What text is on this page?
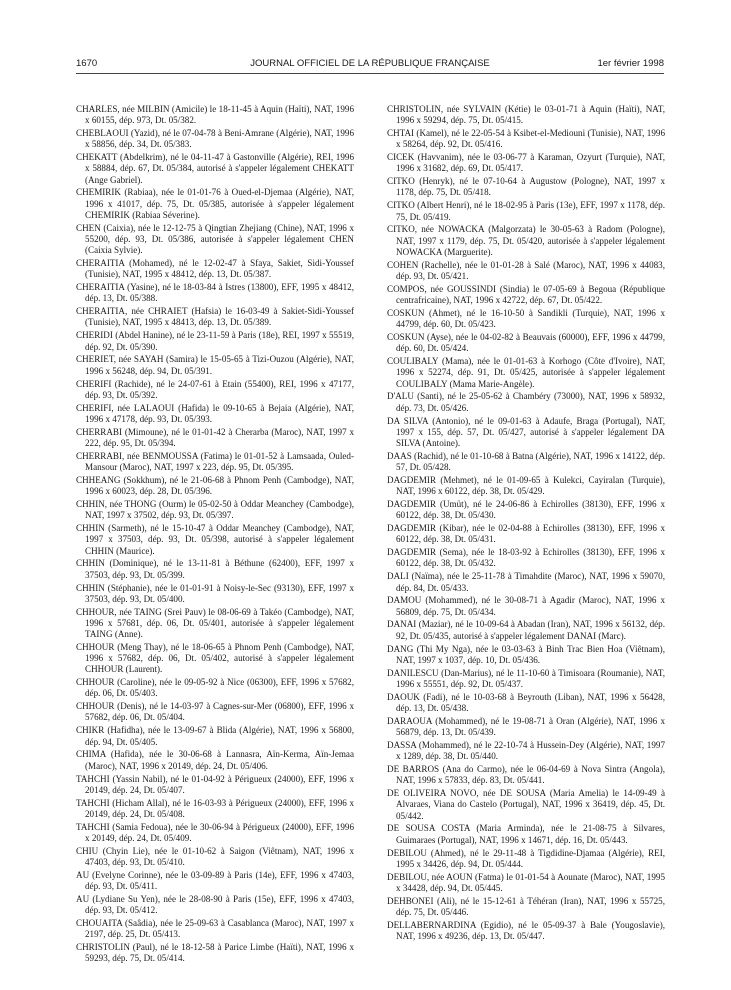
1670	JOURNAL OFFICIEL DE LA RÉPUBLIQUE FRANÇAISE	1er février 1998

CHARLES, née MILBIN (Amicile) le 18-11-45 à Aquin (Haïti), NAT, 1996 x 60155, dép. 973, Dt. 05/382.

CHEBLAOUI (Yazid), né le 07-04-78 à Beni-Amrane (Algérie), NAT, 1996 x 58856, dép. 34, Dt. 05/383.

CHEKATT (Abdelkrim), né le 04-11-47 à Gastonville (Algérie), REI, 1996 x 58884, dép. 67, Dt. 05/384, autorisé à s'appeler légalement CHEKATT (Ange Gabriel).

CHEMIRIK (Rabiaa), née le 01-01-76 à Oued-el-Djemaa (Algérie), NAT, 1996 x 41017, dép. 75, Dt. 05/385, autorisée à s'appeler légalement CHEMIRIK (Rabiaa Séverine).

CHEN (Caixia), née le 12-12-75 à Qingtian Zhejiang (Chine), NAT, 1996 x 55200, dép. 93, Dt. 05/386, autorisée à s'appeler légalement CHEN (Caixia Sylvie).

CHERAITIA (Mohamed), né le 12-02-47 à Sfaya, Sakiet, Sidi-Youssef (Tunisie), NAT, 1995 x 48412, dép. 13, Dt. 05/387.

CHERAITIA (Yasine), né le 18-03-84 à Istres (13800), EFF, 1995 x 48412, dép. 13, Dt. 05/388.

CHERAITIA, née CHRAIET (Hafsia) le 16-03-49 à Sakiet-Sidi-Youssef (Tunisie), NAT, 1995 x 48413, dép. 13, Dt. 05/389.

CHERIDI (Abdel Hanine), né le 23-11-59 à Paris (18e), REI, 1997 x 55519, dép. 92, Dt. 05/390.

CHERIET, née SAYAH (Samira) le 15-05-65 à Tizi-Ouzou (Algérie), NAT, 1996 x 56248, dép. 94, Dt. 05/391.

CHERIFI (Rachide), né le 24-07-61 à Etain (55400), REI, 1996 x 47177, dép. 93, Dt. 05/392.

CHERIFI, née LALAOUI (Hafida) le 09-10-65 à Bejaia (Algérie), NAT, 1996 x 47178, dép. 93, Dt. 05/393.

CHERRABI (Mimoune), né le 01-01-42 à Cherarba (Maroc), NAT, 1997 x 222, dép. 95, Dt. 05/394.

CHERRABI, née BENMOUSSA (Fatima) le 01-01-52 à Lamsaada, Ouled-Mansour (Maroc), NAT, 1997 x 223, dép. 95, Dt. 05/395.

CHHEANG (Sokkhum), né le 21-06-68 à Phnom Penh (Cambodge), NAT, 1996 x 60023, dép. 28, Dt. 05/396.

CHHIN, née THONG (Ourm) le 05-02-50 à Oddar Meanchey (Cambodge), NAT, 1997 x 37502, dép. 93, Dt. 05/397.

CHHIN (Sarmeth), né le 15-10-47 à Oddar Meanchey (Cambodge), NAT, 1997 x 37503, dép. 93, Dt. 05/398, autorisé à s'appeler légalement CHHIN (Maurice).

CHHIN (Dominique), né le 13-11-81 à Béthune (62400), EFF, 1997 x 37503, dép. 93, Dt. 05/399.

CHHIN (Stéphanie), née le 01-01-91 à Noisy-le-Sec (93130), EFF, 1997 x 37503, dép. 93, Dt. 05/400.

CHHOUR, née TAING (Srei Pauv) le 08-06-69 à Takéo (Cambodge), NAT, 1996 x 57681, dép. 06, Dt. 05/401, autorisée à s'appeler légalement TAING (Anne).

CHHOUR (Meng Thay), né le 18-06-65 à Phnom Penh (Cambodge), NAT, 1996 x 57682, dép. 06, Dt. 05/402, autorisé à s'appeler légalement CHHOUR (Laurent).

CHHOUR (Caroline), née le 09-05-92 à Nice (06300), EFF, 1996 x 57682, dép. 06, Dt. 05/403.

CHHOUR (Denis), né le 14-03-97 à Cagnes-sur-Mer (06800), EFF, 1996 x 57682, dép. 06, Dt. 05/404.

CHIKR (Hafidha), née le 13-09-67 à Blida (Algérie), NAT, 1996 x 56800, dép. 94, Dt. 05/405.

CHIMA (Hafida), née le 30-06-68 à Lannasra, Aïn-Kerma, Aïn-Jemaa (Maroc), NAT, 1996 x 20149, dép. 24, Dt. 05/406.

TAHCHI (Yassin Nabil), né le 01-04-92 à Périgueux (24000), EFF, 1996 x 20149, dép. 24, Dt. 05/407.

TAHCHI (Hicham Allal), né le 16-03-93 à Périgueux (24000), EFF, 1996 x 20149, dép. 24, Dt. 05/408.

TAHCHI (Samia Fedoua), née le 30-06-94 à Périgueux (24000), EFF, 1996 x 20149, dép. 24, Dt. 05/409.

CHIU (Chyin Lie), née le 01-10-62 à Saigon (Viêtnam), NAT, 1996 x 47403, dép. 93, Dt. 05/410.

AU (Evelyne Corinne), née le 03-09-89 à Paris (14e), EFF, 1996 x 47403, dép. 93, Dt. 05/411.

AU (Lydiane Su Yen), née le 28-08-90 à Paris (15e), EFF, 1996 x 47403, dép. 93, Dt. 05/412.

CHOUAITA (Saâdia), née le 25-09-63 à Casablanca (Maroc), NAT, 1997 x 2197, dép. 25, Dt. 05/413.

CHRISTOLIN (Paul), né le 18-12-58 à Parice Limbe (Haïti), NAT, 1996 x 59293, dép. 75, Dt. 05/414.

CHRISTOLIN, née SYLVAIN (Kétie) le 03-01-71 à Aquin (Haïti), NAT, 1996 x 59294, dép. 75, Dt. 05/415.

CHTAI (Kamel), né le 22-05-54 à Ksibet-el-Mediouni (Tunisie), NAT, 1996 x 58264, dép. 92, Dt. 05/416.

CICEK (Havvanim), née le 03-06-77 à Karaman, Ozyurt (Turquie), NAT, 1996 x 31682, dép. 69, Dt. 05/417.

CITKO (Henryk), né le 07-10-64 à Augustow (Pologne), NAT, 1997 x 1178, dép. 75, Dt. 05/418.

CITKO (Albert Henri), né le 18-02-95 à Paris (13e), EFF, 1997 x 1178, dép. 75, Dt. 05/419.

CITKO, née NOWACKA (Malgorzata) le 30-05-63 à Radom (Pologne), NAT, 1997 x 1179, dép. 75, Dt. 05/420, autorisée à s'appeler légalement NOWACKA (Marguerite).

COHEN (Rachelle), née le 01-01-28 à Salé (Maroc), NAT, 1996 x 44083, dép. 93, Dt. 05/421.

COMPOS, née GOUSSINDI (Sindia) le 07-05-69 à Begoua (République centrafricaine), NAT, 1996 x 42722, dép. 67, Dt. 05/422.

COSKUN (Ahmet), né le 16-10-50 à Sandikli (Turquie), NAT, 1996 x 44799, dép. 60, Dt. 05/423.

COSKUN (Ayse), née le 04-02-82 à Beauvais (60000), EFF, 1996 x 44799, dép. 60, Dt. 05/424.

COULIBALY (Mama), née le 01-01-63 à Korhogo (Côte d'Ivoire), NAT, 1996 x 52274, dép. 91, Dt. 05/425, autorisée à s'appeler légalement COULIBALY (Mama Marie-Angèle).

D'ALU (Santi), né le 25-05-62 à Chambéry (73000), NAT, 1996 x 58932, dép. 73, Dt. 05/426.

DA SILVA (Antonio), né le 09-01-63 à Adaufe, Braga (Portugal), NAT, 1997 x 155, dép. 57, Dt. 05/427, autorisé à s'appeler légalement DA SILVA (Antoine).

DAAS (Rachid), né le 01-10-68 à Batna (Algérie), NAT, 1996 x 14122, dép. 57, Dt. 05/428.

DAGDEMIR (Mehmet), né le 01-09-65 à Kulekci, Cayiralan (Turquie), NAT, 1996 x 60122, dép. 38, Dt. 05/429.

DAGDEMIR (Umüt), né le 24-06-86 à Echirolles (38130), EFF, 1996 x 60122, dép. 38, Dt. 05/430.

DAGDEMIR (Kibar), née le 02-04-88 à Echirolles (38130), EFF, 1996 x 60122, dép. 38, Dt. 05/431.

DAGDEMIR (Sema), née le 18-03-92 à Echirolles (38130), EFF, 1996 x 60122, dép. 38, Dt. 05/432.

DALI (Naïma), née le 25-11-78 à Timahdite (Maroc), NAT, 1996 x 59070, dép. 84, Dt. 05/433.

DAMOU (Mohammed), né le 30-08-71 à Agadir (Maroc), NAT, 1996 x 56809, dép. 75, Dt. 05/434.

DANAI (Maziar), né le 10-09-64 à Abadan (Iran), NAT, 1996 x 56132, dép. 92, Dt. 05/435, autorisé à s'appeler légalement DANAI (Marc).

DANG (Thi My Nga), née le 03-03-63 à Binh Trac Bien Hoa (Viêtnam), NAT, 1997 x 1037, dép. 10, Dt. 05/436.

DANILESCU (Dan-Marius), né le 11-10-60 à Timisoara (Roumanie), NAT, 1996 x 55551, dép. 92, Dt. 05/437.

DAOUK (Fadi), né le 10-03-68 à Beyrouth (Liban), NAT, 1996 x 56428, dép. 13, Dt. 05/438.

DARAOUA (Mohammed), né le 19-08-71 à Oran (Algérie), NAT, 1996 x 56879, dép. 13, Dt. 05/439.

DASSA (Mohammed), né le 22-10-74 à Hussein-Dey (Algérie), NAT, 1997 x 1289, dép. 38, Dt. 05/440.

DE BARROS (Ana do Carmo), née le 06-04-69 à Nova Sintra (Angola), NAT, 1996 x 57833, dép. 83, Dt. 05/441.

DE OLIVEIRA NOVO, née DE SOUSA (Maria Amelia) le 14-09-49 à Alvaraes, Viana do Castelo (Portugal), NAT, 1996 x 36419, dép. 45, Dt. 05/442.

DE SOUSA COSTA (Maria Arminda), née le 21-08-75 à Silvares, Guimaraes (Portugal), NAT, 1996 x 14671, dép. 16, Dt. 05/443.

DEBILOU (Ahmed), né le 29-11-48 à Tigdidine-Djamaa (Algérie), REI, 1995 x 34426, dép. 94, Dt. 05/444.

DEBILOU, née AOUN (Fatma) le 01-01-54 à Aounate (Maroc), NAT, 1995 x 34428, dép. 94, Dt. 05/445.

DEHBONEI (Ali), né le 15-12-61 à Téhéran (Iran), NAT, 1996 x 55725, dép. 75, Dt. 05/446.

DELLABERNARDINA (Egidio), né le 05-09-37 à Bale (Yougoslavie), NAT, 1996 x 49236, dép. 13, Dt. 05/447.
